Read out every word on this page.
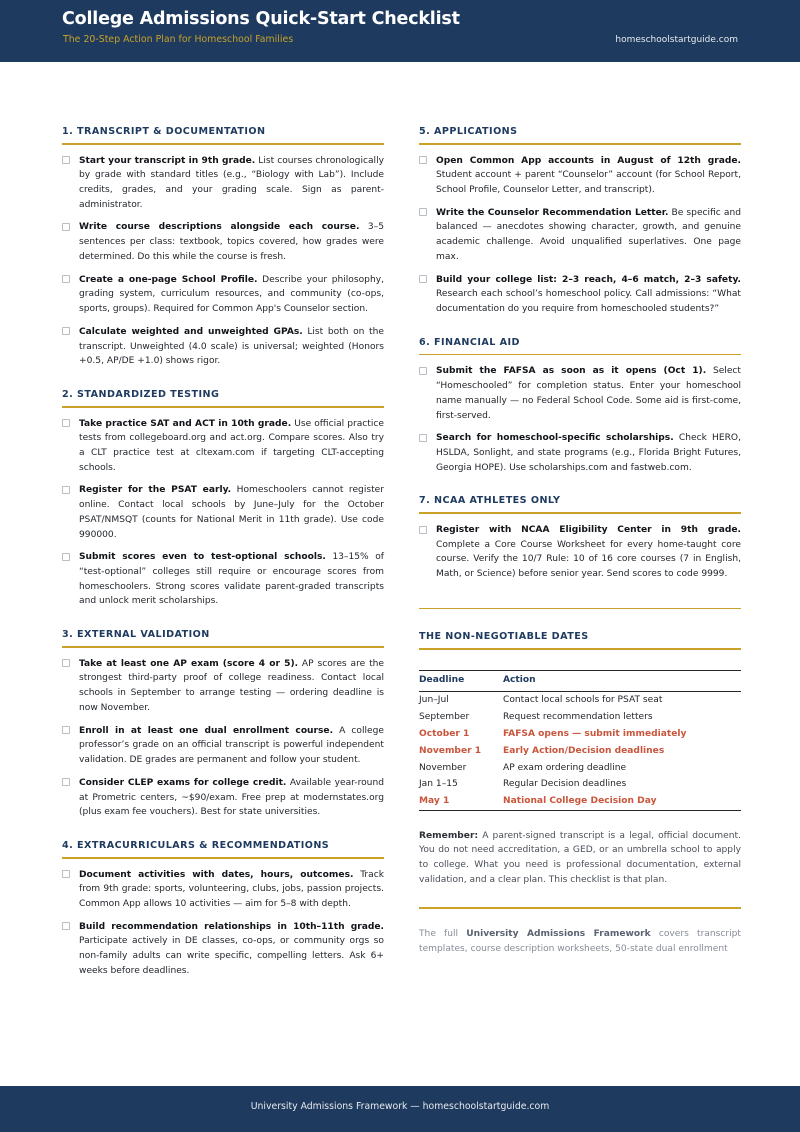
College Admissions Quick-Start Checklist
The 20-Step Action Plan for Homeschool Families	homeschoolstartguide.com
1. TRANSCRIPT & DOCUMENTATION
Start your transcript in 9th grade. List courses chronologically by grade with standard titles (e.g., “Biology with Lab”). Include credits, grades, and your grading scale. Sign as parent-administrator.
Write course descriptions alongside each course. 3–5 sentences per class: textbook, topics covered, how grades were determined. Do this while the course is fresh.
Create a one-page School Profile. Describe your philosophy, grading system, curriculum resources, and community (co-ops, sports, groups). Required for Common App's Counselor section.
Calculate weighted and unweighted GPAs. List both on the transcript. Unweighted (4.0 scale) is universal; weighted (Honors +0.5, AP/DE +1.0) shows rigor.
2. STANDARDIZED TESTING
Take practice SAT and ACT in 10th grade. Use official practice tests from collegeboard.org and act.org. Compare scores. Also try a CLT practice test at cltexam.com if targeting CLT-accepting schools.
Register for the PSAT early. Homeschoolers cannot register online. Contact local schools by June–July for the October PSAT/NMSQT (counts for National Merit in 11th grade). Use code 990000.
Submit scores even to test-optional schools. 13–15% of “test-optional” colleges still require or encourage scores from homeschoolers. Strong scores validate parent-graded transcripts and unlock merit scholarships.
3. EXTERNAL VALIDATION
Take at least one AP exam (score 4 or 5). AP scores are the strongest third-party proof of college readiness. Contact local schools in September to arrange testing — ordering deadline is now November.
Enroll in at least one dual enrollment course. A college professor’s grade on an official transcript is powerful independent validation. DE grades are permanent and follow your student.
Consider CLEP exams for college credit. Available year-round at Prometric centers, ~$90/exam. Free prep at modernstates.org (plus exam fee vouchers). Best for state universities.
4. EXTRACURRICULARS & RECOMMENDATIONS
Document activities with dates, hours, outcomes. Track from 9th grade: sports, volunteering, clubs, jobs, passion projects. Common App allows 10 activities — aim for 5–8 with depth.
Build recommendation relationships in 10th–11th grade. Participate actively in DE classes, co-ops, or community orgs so non-family adults can write specific, compelling letters. Ask 6+ weeks before deadlines.
5. APPLICATIONS
Open Common App accounts in August of 12th grade. Student account + parent “Counselor” account (for School Report, School Profile, Counselor Letter, and transcript).
Write the Counselor Recommendation Letter. Be specific and balanced — anecdotes showing character, growth, and genuine academic challenge. Avoid unqualified superlatives. One page max.
Build your college list: 2–3 reach, 4–6 match, 2–3 safety. Research each school’s homeschool policy. Call admissions: “What documentation do you require from homeschooled students?”
6. FINANCIAL AID
Submit the FAFSA as soon as it opens (Oct 1). Select “Homeschooled” for completion status. Enter your homeschool name manually — no Federal School Code. Some aid is first-come, first-served.
Search for homeschool-specific scholarships. Check HERO, HSLDA, Sonlight, and state programs (e.g., Florida Bright Futures, Georgia HOPE). Use scholarships.com and fastweb.com.
7. NCAA ATHLETES ONLY
Register with NCAA Eligibility Center in 9th grade. Complete a Core Course Worksheet for every home-taught core course. Verify the 10/7 Rule: 10 of 16 core courses (7 in English, Math, or Science) before senior year. Send scores to code 9999.
THE NON-NEGOTIABLE DATES
Deadline	Action
Jun–Jul	Contact local schools for PSAT seat
September	Request recommendation letters
October 1	FAFSA opens — submit immediately
November 1	Early Action/Decision deadlines
November	AP exam ordering deadline
Jan 1–15	Regular Decision deadlines
May 1	National College Decision Day
Remember: A parent-signed transcript is a legal, official document. You do not need accreditation, a GED, or an umbrella school to apply to college. What you need is professional documentation, external validation, and a clear plan. This checklist is that plan.
The full University Admissions Framework covers transcript templates, course description worksheets, 50-state dual enrollment
University Admissions Framework — homeschoolstartguide.com
